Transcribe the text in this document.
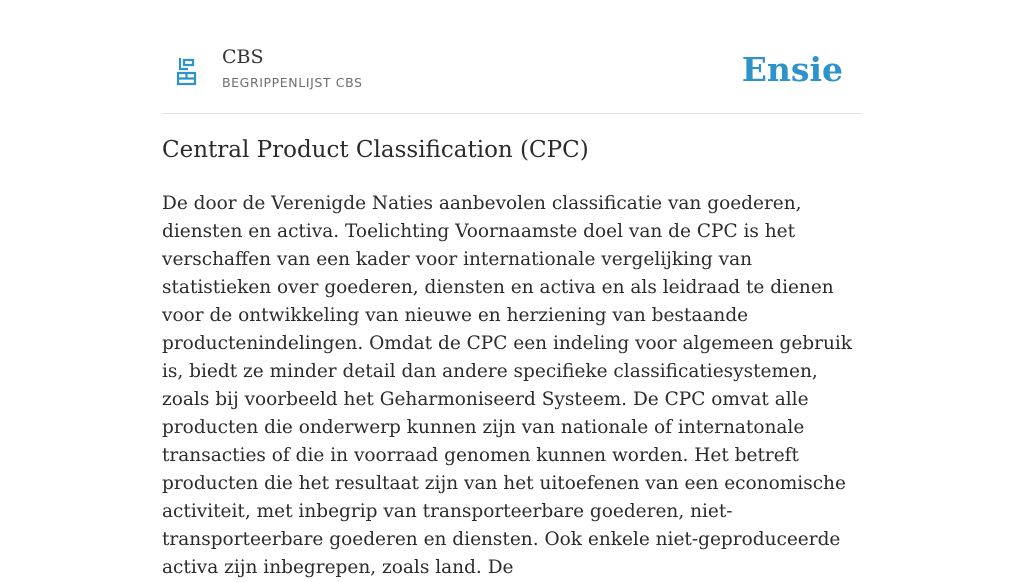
CBS
BEGRIPPENLIJST CBS	Ensie
Central Product Classification (CPC)

De door de Verenigde Naties aanbevolen classificatie van goederen, diensten en activa. Toelichting Voornaamste doel van de CPC is het verschaffen van een kader voor internationale vergelijking van statistieken over goederen, diensten en activa en als leidraad te dienen voor de ontwikkeling van nieuwe en herziening van bestaande productenindelingen. Omdat de CPC een indeling voor algemeen gebruik is, biedt ze minder detail dan andere specifieke classificatiesystemen, zoals bij voorbeeld het Geharmoniseerd Systeem. De CPC omvat alle producten die onderwerp kunnen zijn van nationale of internatonale transacties of die in voorraad genomen kunnen worden. Het betreft producten die het resultaat zijn van het uitoefenen van een economische activiteit, met inbegrip van transporteerbare goederen, niet-transporteerbare goederen en diensten. Ook enkele niet-geproduceerde activa zijn inbegrepen, zoals land. De
